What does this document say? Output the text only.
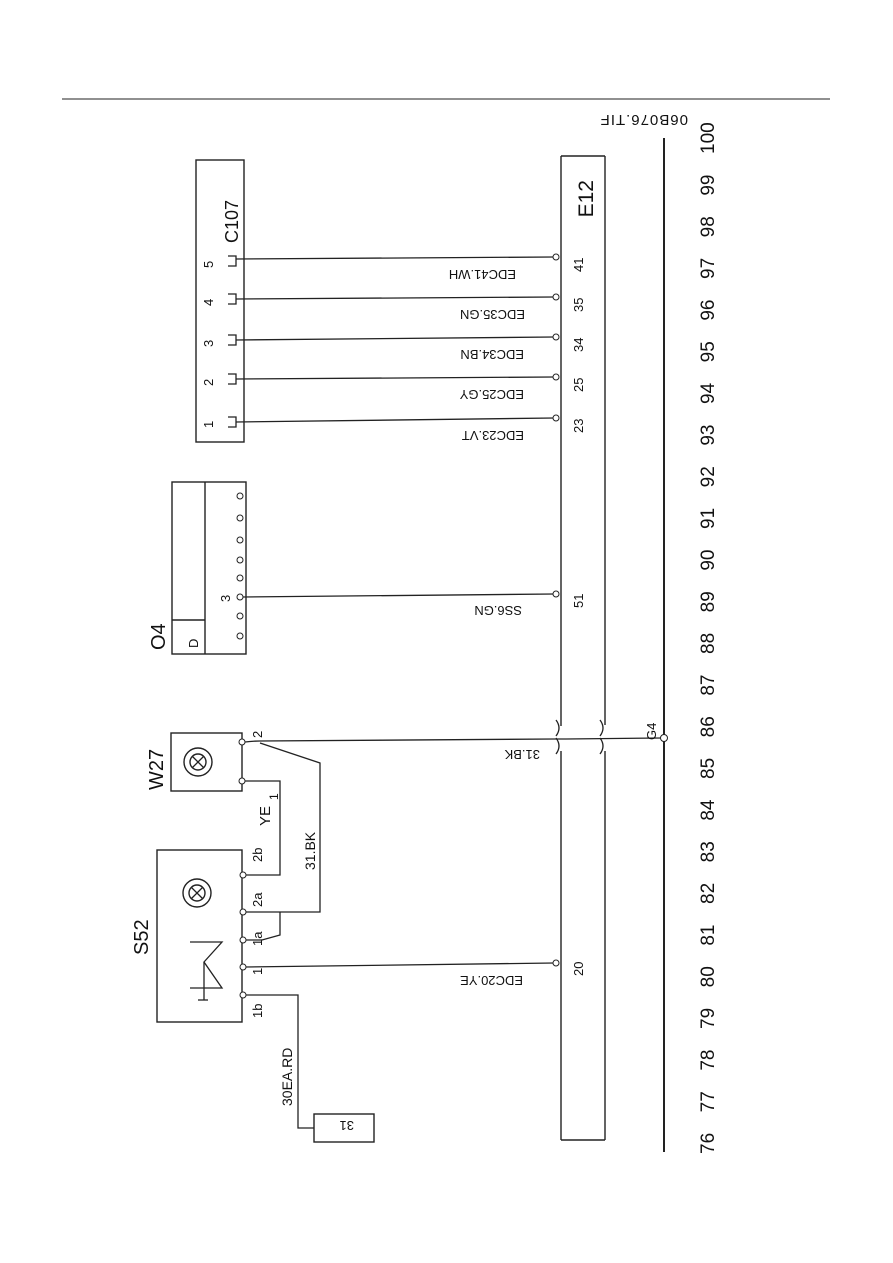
06B076.TIF
76
77
78
79
80
81
82
83
84
85
86
87
88
89
90
91
92
93
94
95
96
97
98
99
100
E12
C107
1
2
3
4
5
EDC41.WH
41
EDC35.GN
35
EDC34.BN
34
EDC25.GY
25
EDC23.VT
23
D
O4
3
SS6.GN
51
W27
2
1
YE
31.BK
G4
31.BK
S52
2b
2a
1a
1
1b
EDC20.YE
20
30EA.RD
31
